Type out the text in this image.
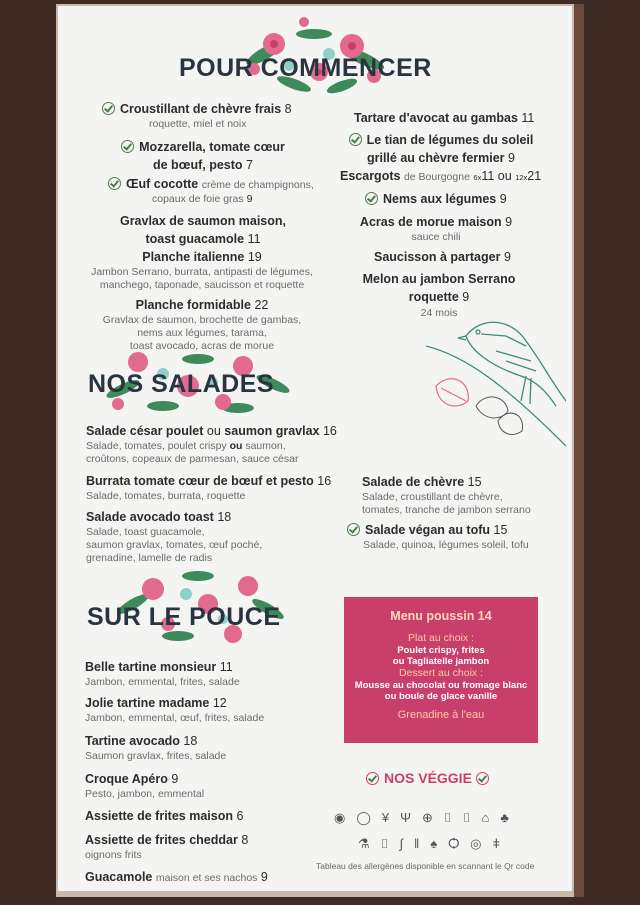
POUR COMMENCER
NOS SALADES
SUR LE POUCE
Croustillant de chèvre frais 8
roquette, miel et noix
Mozzarella, tomate cœur
de bœuf, pesto 7
Œuf cocotte crème de champignons,
copaux de foie gras 9
Gravlax de saumon maison,
toast guacamole 11
Planche italienne 19
Jambon Serrano, burrata, antipasti de légumes,
manchego, taponade, saucisson et roquette
Planche formidable 22
Gravlax de saumon, brochette de gambas,
nems aux légumes, tarama,
toast avocado, acras de morue
Tartare d'avocat au gambas 11
Le tian de légumes du soleil
grillé au chèvre fermier 9
Escargots de Bourgogne 6x11 ou 12x21
Nems aux légumes 9
Acras de morue maison 9
sauce chili
Saucisson à partager 9
Melon au jambon Serrano
roquette 9
24 mois
Salade césar poulet ou saumon gravlax 16
Salade, tomates, poulet crispy ou saumon,
croûtons, copeaux de parmesan, sauce césar
Burrata tomate cœur de bœuf et pesto 16
Salade, tomates, burrata, roquette
Salade avocado toast 18
Salade, toast guacamole,
saumon gravlax, tomates, œuf poché,
grenadine, lamelle de radis
Salade de chèvre 15
Salade, croustillant de chèvre,
tomates, tranche de jambon serrano
Salade végan au tofu 15
Salade, quinoa, légumes soleil, tofu
Belle tartine monsieur 11
Jambon, emmental, frites, salade
Jolie tartine madame 12
Jambon, emmental, œuf, frites, salade
Tartine avocado 18
Saumon gravlax, frites, salade
Croque Apéro 9
Pesto, jambon, emmental
Assiette de frites maison 6
Assiette de frites cheddar 8
oignons frits
Guacamole maison et ses nachos 9
Menu poussin 14
Plat au choix :
Poulet crispy, frites
ou Tagliatelle jambon
Dessert au choix :
Mousse au chocolat ou fromage blanc
ou boule de glace vanille
Grenadine à l'eau
NOS VÉGGIE
◉◯¥Ψ⊕⌷⌷⌂♣
⚗⌷∫ǁ♠Ѻ◎ǂ
Tableau des allergènes disponible en scannant le Qr code
